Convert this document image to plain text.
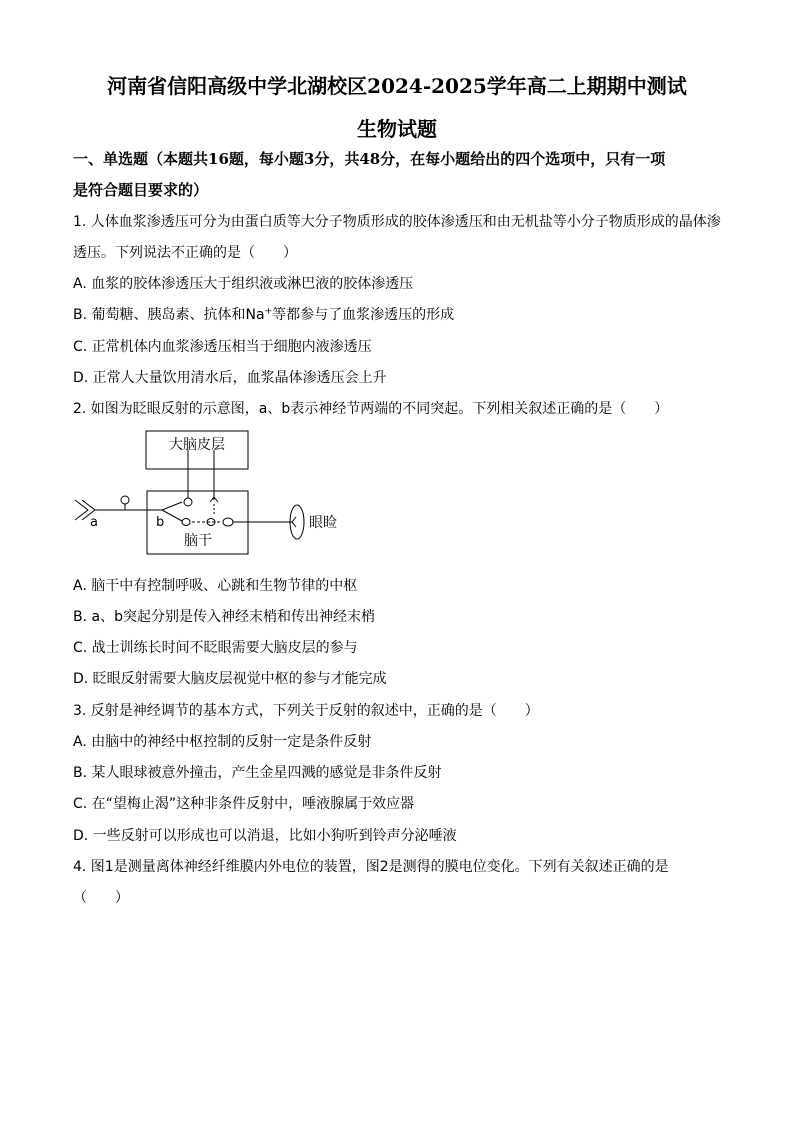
河南省信阳高级中学北湖校区2024-2025学年高二上期期中测试
生物试题
一、单选题（本题共16题，每小题3分，共48分，在每小题给出的四个选项中，只有一项
是符合题目要求的）
1. 人体血浆渗透压可分为由蛋白质等大分子物质形成的胶体渗透压和由无机盐等小分子物质形成的晶体渗
透压。下列说法不正确的是（　　）
A. 血浆的胶体渗透压大于组织液或淋巴液的胶体渗透压
B. 葡萄糖、胰岛素、抗体和Na+等都参与了血浆渗透压的形成
C. 正常机体内血浆渗透压相当于细胞内液渗透压
D. 正常人大量饮用清水后，血浆晶体渗透压会上升
2. 如图为眨眼反射的示意图，a、b表示神经节两端的不同突起。下列相关叙述正确的是（　　）
大脑皮层
脑干
a	b	眼睑
A. 脑干中有控制呼吸、心跳和生物节律的中枢
B. a、b突起分别是传入神经末梢和传出神经末梢
C. 战士训练长时间不眨眼需要大脑皮层的参与
D. 眨眼反射需要大脑皮层视觉中枢的参与才能完成
3. 反射是神经调节的基本方式，下列关于反射的叙述中，正确的是（　　）
A. 由脑中的神经中枢控制的反射一定是条件反射
B. 某人眼球被意外撞击，产生金星四溅的感觉是非条件反射
C. 在“望梅止渴”这种非条件反射中，唾液腺属于效应器
D. 一些反射可以形成也可以消退，比如小狗听到铃声分泌唾液
4. 图1是测量离体神经纤维膜内外电位的装置，图2是测得的膜电位变化。下列有关叙述正确的是
（　　）
